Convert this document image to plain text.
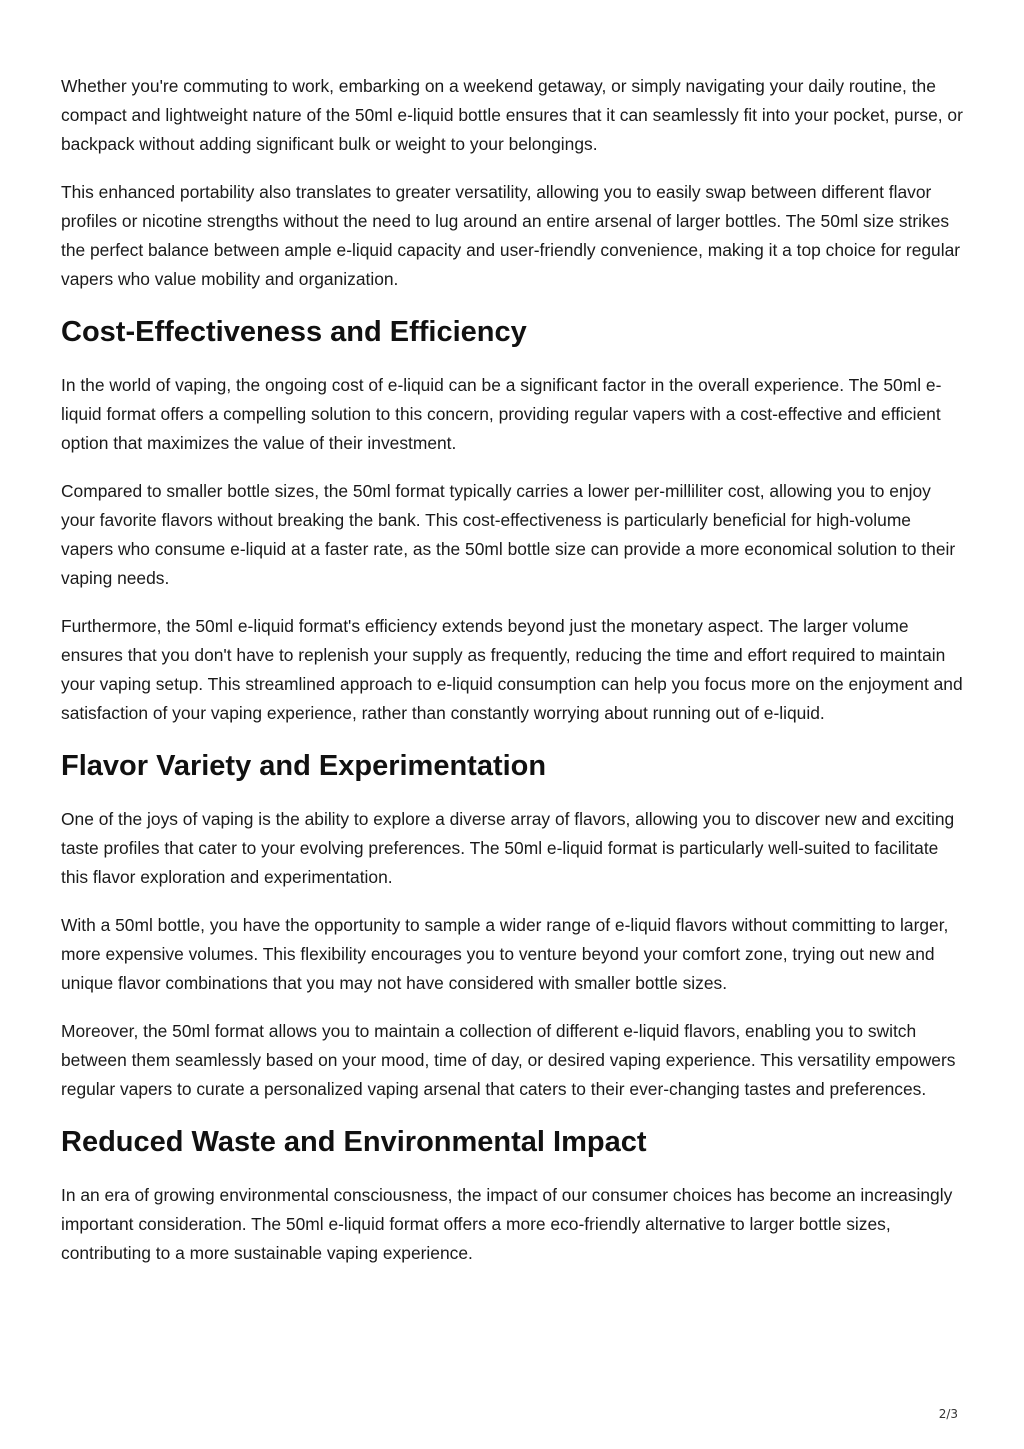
Whether you're commuting to work, embarking on a weekend getaway, or simply navigating your daily routine, the compact and lightweight nature of the 50ml e-liquid bottle ensures that it can seamlessly fit into your pocket, purse, or backpack without adding significant bulk or weight to your belongings.

This enhanced portability also translates to greater versatility, allowing you to easily swap between different flavor profiles or nicotine strengths without the need to lug around an entire arsenal of larger bottles. The 50ml size strikes the perfect balance between ample e-liquid capacity and user-friendly convenience, making it a top choice for regular vapers who value mobility and organization.

Cost-Effectiveness and Efficiency

In the world of vaping, the ongoing cost of e-liquid can be a significant factor in the overall experience. The 50ml e-liquid format offers a compelling solution to this concern, providing regular vapers with a cost-effective and efficient option that maximizes the value of their investment.

Compared to smaller bottle sizes, the 50ml format typically carries a lower per-milliliter cost, allowing you to enjoy your favorite flavors without breaking the bank. This cost-effectiveness is particularly beneficial for high-volume vapers who consume e-liquid at a faster rate, as the 50ml bottle size can provide a more economical solution to their vaping needs.

Furthermore, the 50ml e-liquid format's efficiency extends beyond just the monetary aspect. The larger volume ensures that you don't have to replenish your supply as frequently, reducing the time and effort required to maintain your vaping setup. This streamlined approach to e-liquid consumption can help you focus more on the enjoyment and satisfaction of your vaping experience, rather than constantly worrying about running out of e-liquid.

Flavor Variety and Experimentation

One of the joys of vaping is the ability to explore a diverse array of flavors, allowing you to discover new and exciting taste profiles that cater to your evolving preferences. The 50ml e-liquid format is particularly well-suited to facilitate this flavor exploration and experimentation.

With a 50ml bottle, you have the opportunity to sample a wider range of e-liquid flavors without committing to larger, more expensive volumes. This flexibility encourages you to venture beyond your comfort zone, trying out new and unique flavor combinations that you may not have considered with smaller bottle sizes.

Moreover, the 50ml format allows you to maintain a collection of different e-liquid flavors, enabling you to switch between them seamlessly based on your mood, time of day, or desired vaping experience. This versatility empowers regular vapers to curate a personalized vaping arsenal that caters to their ever-changing tastes and preferences.

Reduced Waste and Environmental Impact

In an era of growing environmental consciousness, the impact of our consumer choices has become an increasingly important consideration. The 50ml e-liquid format offers a more eco-friendly alternative to larger bottle sizes, contributing to a more sustainable vaping experience.

2/3
